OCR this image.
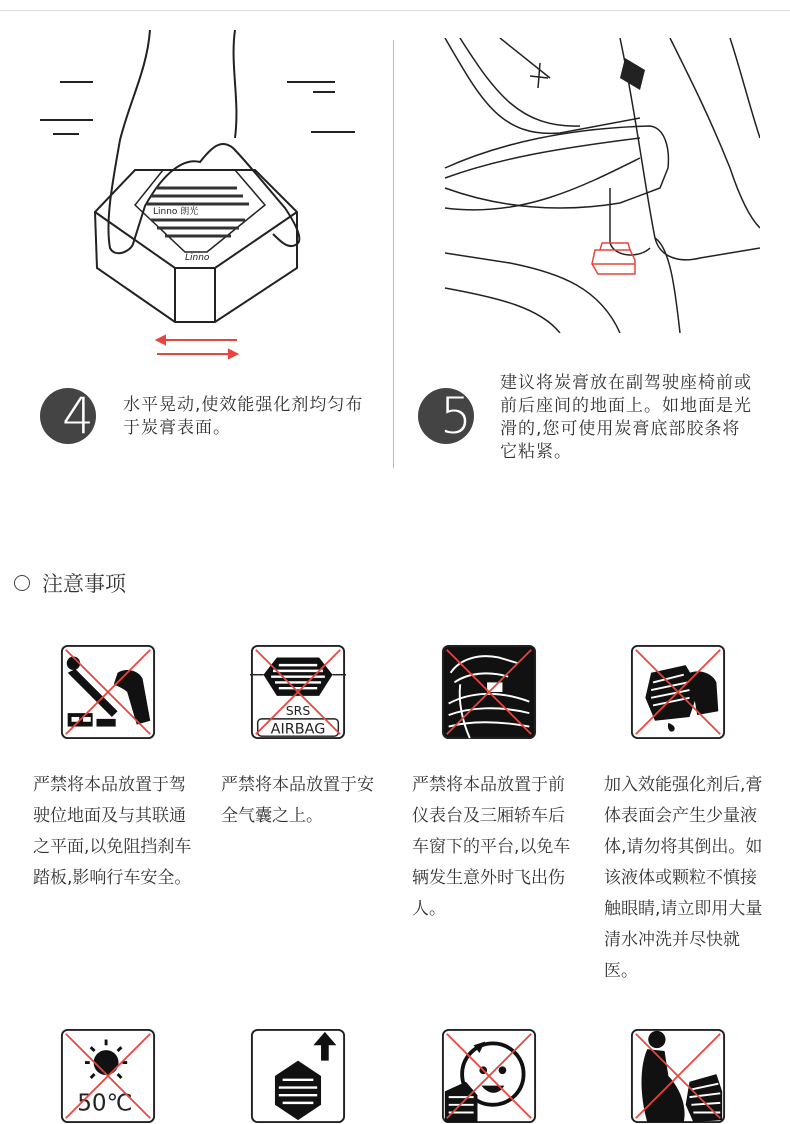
Linno 朗光
Linno
4 水平晃动,使效能强化剂均匀布于炭膏表面。	5
建议将炭膏放在副驾驶座椅前或前后座间的地面上。如地面是光滑的,您可使用炭膏底部胶条将它粘紧。
注意事项
SRS
AIRBAG
严禁将本品放置于驾驶位地面及与其联通之平面,以免阻挡刹车踏板,影响行车安全。
严禁将本品放置于安全气囊之上。
严禁将本品放置于前仪表台及三厢轿车后车窗下的平台,以免车辆发生意外时飞出伤人。
加入效能强化剂后,膏体表面会产生少量液体,请勿将其倒出。如该液体或颗粒不慎接触眼睛,请立即用大量清水冲洗并尽快就医。
50℃
